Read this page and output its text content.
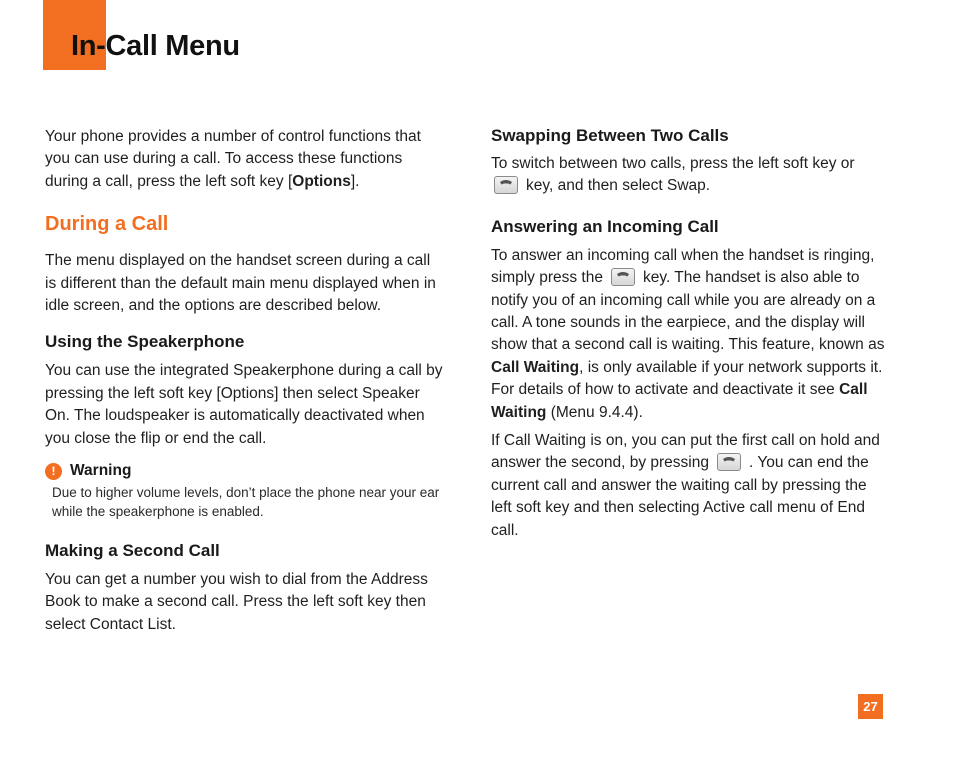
In-Call Menu

Your phone provides a number of control functions that you can use during a call. To access these functions during a call, press the left soft key [Options].

During a Call

The menu displayed on the handset screen during a call is different than the default main menu displayed when in idle screen, and the options are described below.

Using the Speakerphone

You can use the integrated Speakerphone during a call by pressing the left soft key [Options] then select Speaker On. The loudspeaker is automatically deactivated when you close the flip or end the call.

! Warning

Due to higher volume levels, don’t place the phone near your ear while the speakerphone is enabled.

Making a Second Call

You can get a number you wish to dial from the Address Book to make a second call. Press the left soft key then select Contact List.

Swapping Between Two Calls

To switch between two calls, press the left soft key or

key, and then select Swap.

Answering an Incoming Call

To answer an incoming call when the handset is ringing, simply press the	key. The handset is also able to notify you of an incoming call while you are already on a call. A tone sounds in the earpiece, and the display will show that a second call is waiting. This feature, known as Call Waiting, is only available if your network supports it. For details of how to activate and deactivate it see Call Waiting (Menu 9.4.4).

If Call Waiting is on, you can put the first call on hold and answer the second, by pressing	. You can end the current call and answer the waiting call by pressing the left soft key and then selecting Active call menu of End call.

27
